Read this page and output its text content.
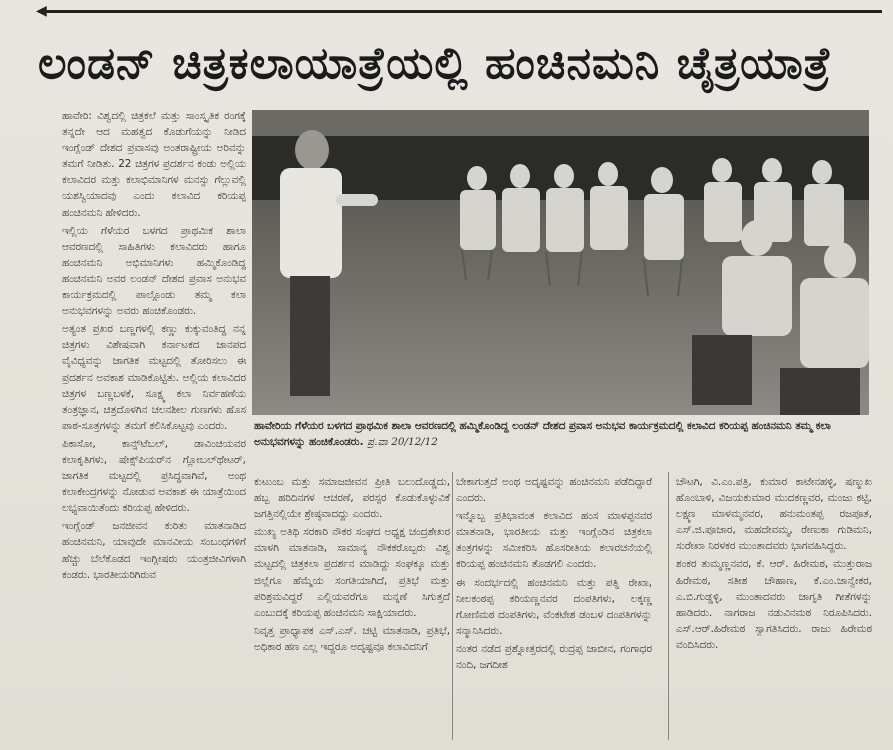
◀
ಲಂಡನ್ ಚಿತ್ರಕಲಾಯಾತ್ರೆಯಲ್ಲಿ ಹಂಚಿನಮನಿ ಚೈತ್ರಯಾತ್ರೆ

ಹಾವೇರಿ: ವಿಶ್ವದಲ್ಲಿ ಚಿತ್ರಕಲೆ ಮತ್ತು ಸಾಂಸ್ಕೃತಿಕ ರಂಗಕ್ಕೆ ತನ್ನದೇ ಆದ ಮಹತ್ವದ ಕೊಡುಗೆಯನ್ನು ನೀಡಿದ ಇಂಗ್ಲೆಂಡ್ ದೇಶದ ಪ್ರವಾಸವು ಅಂತರಾಷ್ಟ್ರೀಯ ಅರಿವನ್ನು ತಮಗೆ ನೀಡಿತು. 22 ಚಿತ್ರಗಳ ಪ್ರದರ್ಶನ ಕಂಡು ಅಲ್ಲಿಯ ಕಲಾವಿದರ ಮತ್ತು ಕಲಾಭಿಮಾನಿಗಳ ಮನಸ್ಸು ಗೆಲ್ಲುವಲ್ಲಿ ಯಶಸ್ವಿಯಾದವು ಎಂದು ಕಲಾವಿದ ಕರಿಯಪ್ಪ ಹಂಚಿನಮನಿ ಹೇಳಿದರು.

ಇಲ್ಲಿಯ ಗೆಳೆಯರ ಬಳಗದ ಪ್ರಾಥಮಿಕ ಶಾಲಾ ಆವರಣದಲ್ಲಿ ಸಾಹಿತಿಗಳು ಕಲಾವಿದರು ಹಾಗೂ ಹಂಚಿನಮನಿ ಅಭಿಮಾನಿಗಳು ಹಮ್ಮಿಕೊಂಡಿದ್ದ ಹಂಚಿನಮನಿ ಅವರ ಲಂಡನ್ ದೇಶದ ಪ್ರವಾಸ ಅನುಭವ ಕಾರ್ಯಕ್ರಮದಲ್ಲಿ ಪಾಲ್ಗೊಂಡು ತಮ್ಮ ಕಲಾ ಅನುಭವಗಳನ್ನು ಅವರು ಹಂಚಿಕೊಂಡರು.

ಅತ್ಯಂತ ಪ್ರಖರ ಬಣ್ಣಗಳಲ್ಲಿ ಕಣ್ಣು ಕುಕ್ಕುವಂತಿದ್ದ ನನ್ನ ಚಿತ್ರಗಳು ವಿಶೇಷವಾಗಿ ಕರ್ನಾಟಕದ ಜಾನಪದ ವೈವಿಧ್ಯವನ್ನು ಜಾಗತಿಕ ಮಟ್ಟದಲ್ಲಿ ತೋರಿಸಲು ಈ ಪ್ರದರ್ಶನ ಅವಕಾಶ ಮಾಡಿಕೊಟ್ಟಿತು. ಅಲ್ಲಿಯ ಕಲಾವಿದರ ಚಿತ್ರಗಳ ಬಣ್ಣಬಳಕೆ, ಸೂಕ್ಷ್ಮ ಕಲಾ ನಿರ್ವಹಣೆಯ ತಂತ್ರಜ್ಞಾನ, ಚಿತ್ರದೊಳಗಿನ ಚಲನಶೀಲ ಗುಣಗಳು ಹೊಸ ಪಾಠ-ಸೂತ್ರಗಳನ್ನು ತಮಗೆ ಕಲಿಸಿಕೊಟ್ಟವು ಎಂದರು.

ಪಿಕಾಸೋ, ಕಾನ್ಸ್‌ಟೆಬಲ್, ಡಾವಿಂಚಿಯವರ ಕಲಾಕೃತಿಗಳು, ಷೇಕ್ಸ್‌ಪಿಯರ್‌ನ ಗ್ಲೋಬಲ್‌ಥೇಟರ್, ಜಾಗತಿಕ ಮಟ್ಟದಲ್ಲಿ ಪ್ರಸಿದ್ಧವಾಗಿವೆ, ಅಂಥ ಕಲಾಕೇಂದ್ರಗಳನ್ನು ನೋಡುವ ಅವಕಾಶ ಈ ಯಾತ್ರೆಯಿಂದ ಲಭ್ಯವಾಯಿತೆಂದು ಕರಿಯಪ್ಪ ಹೇಳಿದರು.

ಇಂಗ್ಲೆಂಡ್ ಜನಜೀವನ ಕುರಿತು ಮಾತನಾಡಿದ ಹಂಚಿನಮನಿ, ಯಾವುದೇ ಮಾನವೀಯ ಸಂಬಂಧಗಳಿಗೆ ಹೆಚ್ಚು ಬೆಲೆಕೊಡದ ಇಂಗ್ಲೀಷರು ಯಂತ್ರಜೀವಿಗಳಾಗಿ ಕಂಡರು. ಭಾರತೀಯರಿಗಿರುವ

ಹಾವೇರಿಯ ಗೆಳೆಯರ ಬಳಗದ ಪ್ರಾಥಮಿಕ ಶಾಲಾ ಆವರಣದಲ್ಲಿ ಹಮ್ಮಿಕೊಂಡಿದ್ದ ಲಂಡನ್ ದೇಶದ ಪ್ರವಾಸ ಅನುಭವ ಕಾರ್ಯಕ್ರಮದಲ್ಲಿ ಕಲಾವಿದ ಕರಿಯಪ್ಪ ಹಂಚಿನಮನಿ ತಮ್ಮ ಕಲಾ ಅನುಭವಗಳನ್ನು ಹಂಚಿಕೊಂಡರು. ಪ್ರ.ವಾ 20/12/12

ಕುಟುಂಬ ಮತ್ತು ಸಮಾಜಜೀವನ ಪ್ರೀತಿ ಬಲುದೊಡ್ಡದು, ಹಬ್ಬ ಹರಿದಿನಗಳ ಆಚರಣೆ, ಪರಸ್ಪರ ಕೊಡುಕೊಳ್ಳುವಿಕೆ ಜಗತ್ತಿನಲ್ಲಿಯೇ ಶ್ರೇಷ್ಠವಾದದ್ದು ಎಂದರು.

ಮುಖ್ಯ ಅತಿಥಿ ಸರಕಾರಿ ನೌಕರ ಸಂಘದ ಅಧ್ಯಕ್ಷ ಚಂದ್ರಶೇಖರ ಮಾಳಗಿ ಮಾತನಾಡಿ, ಸಾಮಾನ್ಯ ನೌಕಕರೊಬ್ಬರು ವಿಶ್ವ ಮಟ್ಟದಲ್ಲಿ ಚಿತ್ರಕಲಾ ಪ್ರದರ್ಶನ ಮಾಡಿದ್ದು ಸಂಘಕ್ಕೂ ಮತ್ತು ಜಿಲ್ಲೆಗೂ ಹೆಮ್ಮೆಯ ಸಂಗತಿಯಾಗಿದೆ, ಪ್ರತಿಭೆ ಮತ್ತು ಪರಿಶ್ರಮವಿದ್ದರೆ ಎಲ್ಲಿಯವರೆಗೂ ಮನ್ನಣೆ ಸಿಗುತ್ತದೆ ಎಂಬುದಕ್ಕೆ ಕರಿಯಪ್ಪ ಹಂಚಿನಮನಿ ಸಾಕ್ಷಿಯಾದರು.

ನಿವೃತ್ತ ಪ್ರಾಧ್ಯಾಪಕ ಎಸ್.ಎಸ್. ಚಟ್ಟಿ ಮಾತನಾಡಿ, ಪ್ರತಿಭೆ, ಅಧಿಕಾರ ಹಣ ಎಲ್ಲ ಇದ್ದರೂ ಅದೃಷ್ಟವೂ ಕಲಾವಿದನಿಗೆ

ಬೇಕಾಗುತ್ತದೆ ಅಂಥ ಅದೃಷ್ಟವನ್ನು ಹಂಚಿನಮನಿ ಪಡೆದಿದ್ದಾರೆ ಎಂದರು.

ಇನ್ನೊಬ್ಬ ಪ್ರತಿಭಾವಂತ ಕಲಾವಿದ ಹಂಸ ಮಾಳಪ್ಪನವರ ಮಾತನಾಡಿ, ಭಾರತೀಯ ಮತ್ತು ಇಂಗ್ಲೆಂಡಿನ ಚಿತ್ರಕಲಾ ತಂತ್ರಗಳನ್ನು ಸಮೀಕರಿಸಿ ಹೊಸರೀತಿಯ ಕಲಾರಚನೆಯಲ್ಲಿ ಕರಿಯಪ್ಪ ಹಂಚಿನಮನಿ ತೊಡಗಲಿ ಎಂದರು.

ಈ ಸಂದರ್ಭದಲ್ಲಿ ಹಂಚಿನಮನಿ ಮತ್ತು ಪತ್ನಿ ರೇಖಾ, ನೀಲಕಂಠಪ್ಪ ಕರಿಯಣ್ಣನವರ ದಂಪತಿಗಳು, ಲಕ್ಕಣ್ಣ ಗೋಣಿಮಠ ದಂಪತಿಗಳು, ವೆಂಕಟೇಶ ಡಂಬಳ ದಂಪತಿಗಳನ್ನು ಸನ್ಮಾನಿಸಿದರು.

ನಂತರ ನಡೆದ ಪ್ರಶ್ನೋತ್ತರದಲ್ಲಿ ರುದ್ರಪ್ಪ ಜಾಬೀನ, ಗಂಗಾಧರ ನಂದಿ, ಜಗದೀಶ

ಚೌಟಗಿ, ವಿ.ಎಂ.ಪತ್ರಿ, ಕುಮಾರ ಕಾಟೇನಹಳ್ಳಿ, ಷಣ್ಮುಖ ಹೊಂಬಾಳಿ, ವಿಜಯಕುಮಾರ ಮುದಕಣ್ಣವರ, ಮಂಜು ಕಟ್ಟಿ, ಲಕ್ಷ್ಮಣ ಮಾಳಮ್ಮನವರ, ಹನುಮಂತಪ್ಪ ರಜಪೂತ, ಎಸ್.ಜಿ.ಪೂಜಾರ, ಮಹದೇವಮ್ಮ, ರೇಣುಕಾ ಗುಡಿಮನಿ, ಸುರೇಖಾ ನಿರಳಕರ ಮುಂತಾದವರು ಭಾಗವಹಿಸಿದ್ದರು.

ಶಂಕರ ತುಮ್ಮಣ್ಣನವರ, ಕೆ. ಆರ್. ಹಿರೇಮಠ, ಮುತ್ತುರಾಜ ಹಿರೇಮಠ, ಸತೀಶ ಚೌಹಾಣ, ಕೆ.ಎಂ.ಜಾನ್ವೇಕರ, ಎ.ಬಿ.ಗುಡ್ಡಳ್ಳಿ, ಮುಂತಾದವರು ಜಾಗೃತಿ ಗೀತೆಗಳನ್ನು ಹಾಡಿದರು. ನಾಗರಾಜ ನಡುವಿನಮಠ ನಿರೂಪಿಸಿದರು. ಎಸ್.ಆರ್.ಹಿರೇಮಠ ಸ್ವಾಗತಿಸಿದರು. ರಾಜು ಹಿರೇಮಠ ವಂದಿಸಿದರು.
